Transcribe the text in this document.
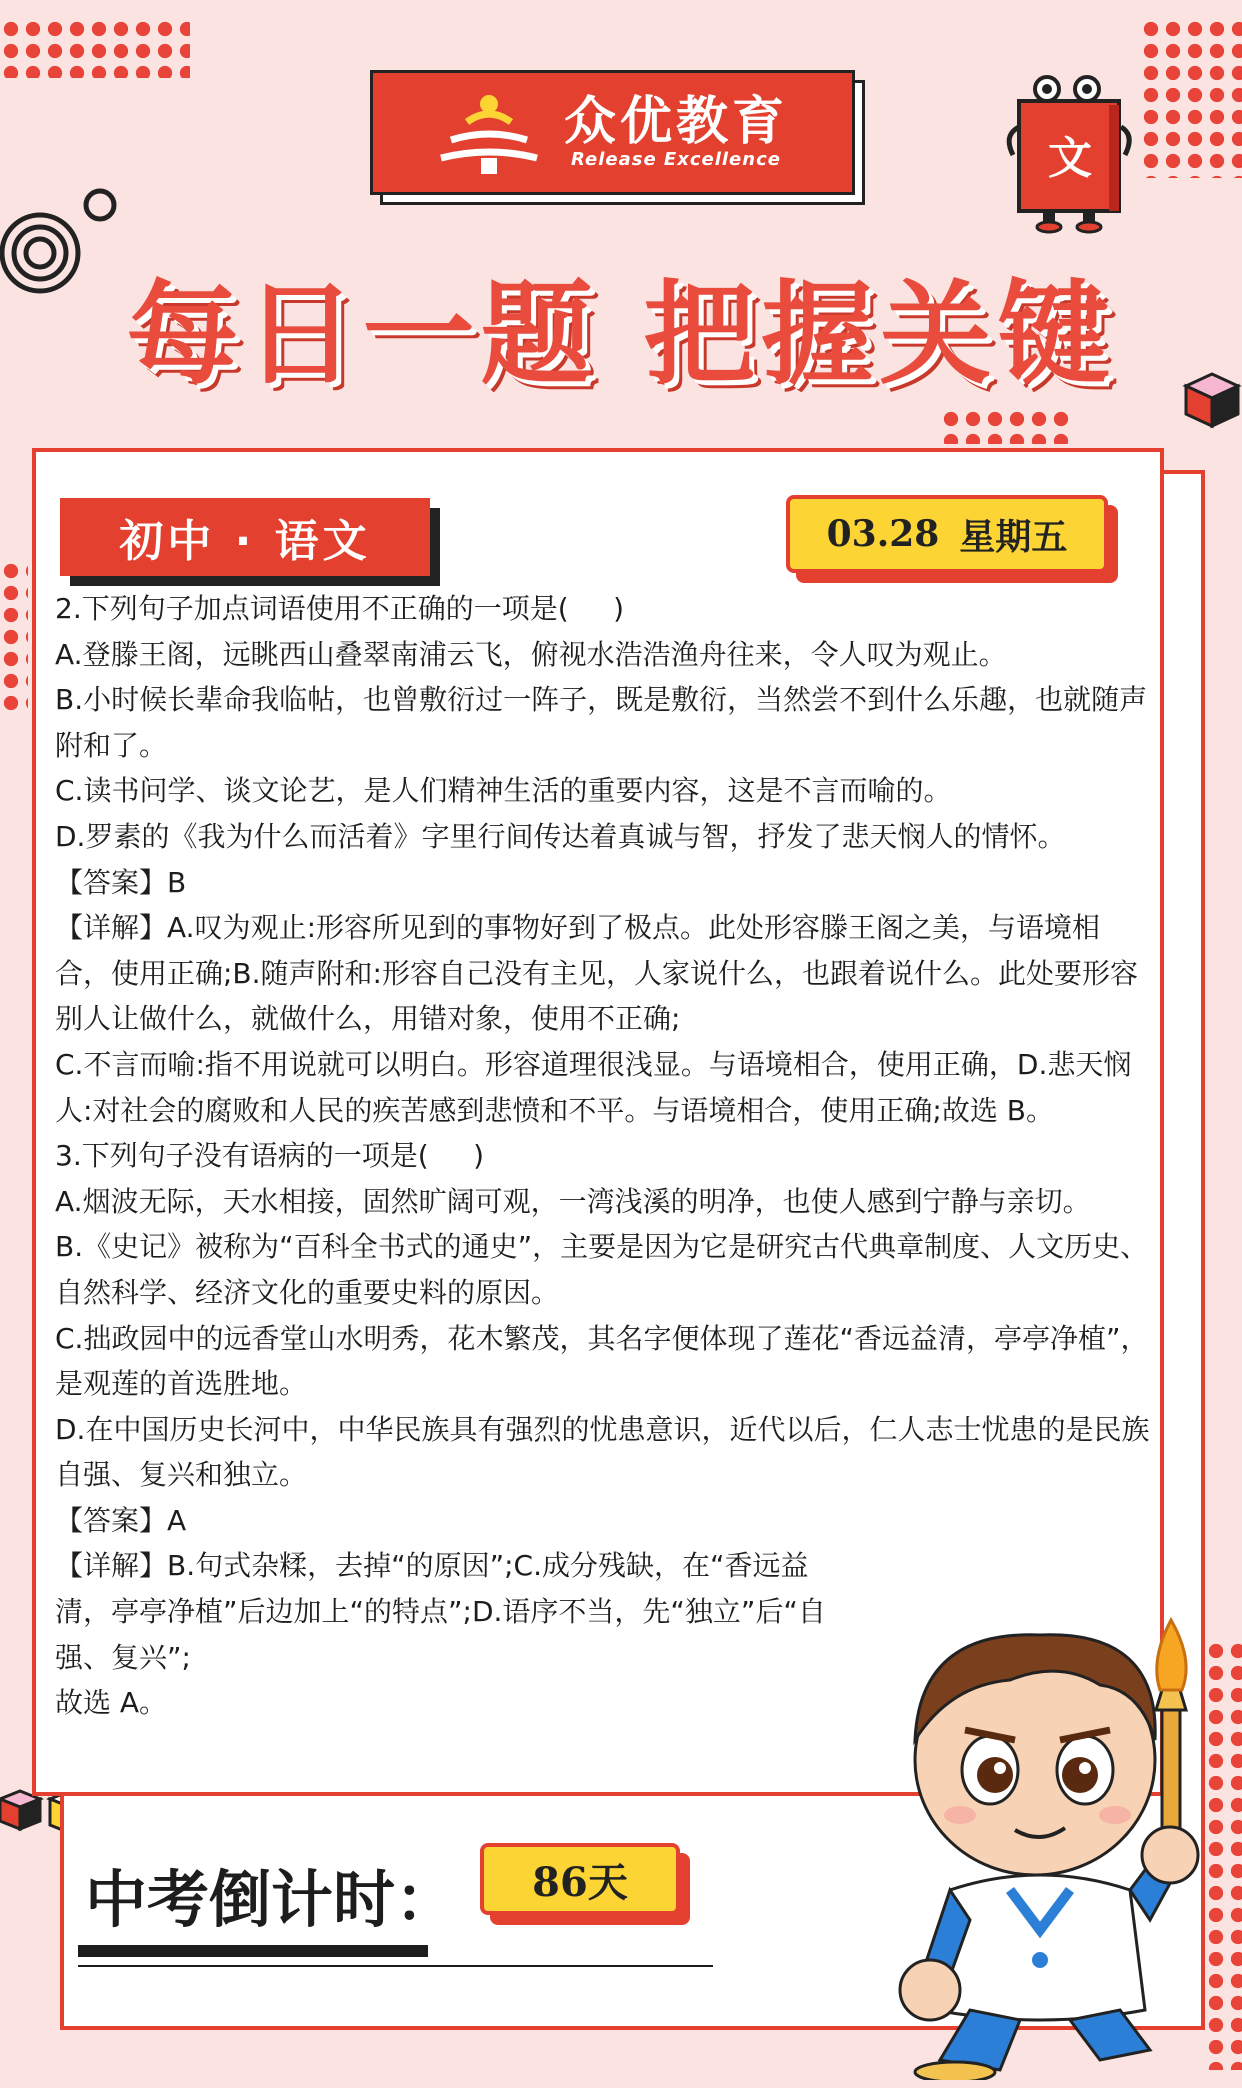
众优教育
Release Excellence	文
每日一题 把握关键
初中 · 语文	03.28 星期五

2.下列句子加点词语使用不正确的一项是(     )

A.登滕王阁，远眺西山叠翠南浦云飞，俯视水浩浩渔舟往来，令人叹为观止。

B.小时候长辈命我临帖，也曾敷衍过一阵子，既是敷衍，当然尝不到什么乐趣，也就随声附和了。

C.读书问学、谈文论艺，是人们精神生活的重要内容，这是不言而喻的。

D.罗素的《我为什么而活着》字里行间传达着真诚与智，抒发了悲天悯人的情怀。

【答案】B

【详解】A.叹为观止:形容所见到的事物好到了极点。此处形容滕王阁之美，与语境相合，使用正确;B.随声附和:形容自己没有主见，人家说什么，也跟着说什么。此处要形容别人让做什么，就做什么，用错对象，使用不正确;

C.不言而喻:指不用说就可以明白。形容道理很浅显。与语境相合，使用正确，D.悲天悯人:对社会的腐败和人民的疾苦感到悲愤和不平。与语境相合，使用正确;故选 B。

3.下列句子没有语病的一项是(     )

A.烟波无际，天水相接，固然旷阔可观，一湾浅溪的明净，也使人感到宁静与亲切。

B.《史记》被称为“百科全书式的通史”，主要是因为它是研究古代典章制度、人文历史、自然科学、经济文化的重要史料的原因。

C.拙政园中的远香堂山水明秀，花木繁茂，其名字便体现了莲花“香远益清，亭亭净植”，是观莲的首选胜地。

D.在中国历史长河中，中华民族具有强烈的忧患意识，近代以后，仁人志士忧患的是民族自强、复兴和独立。

【答案】A

【详解】B.句式杂糅，去掉“的原因”;C.成分残缺，在“香远益清，亭亭净植”后边加上“的特点”;D.语序不当，先“独立”后“自强、复兴”;

故选 A。

中考倒计时：	86天
